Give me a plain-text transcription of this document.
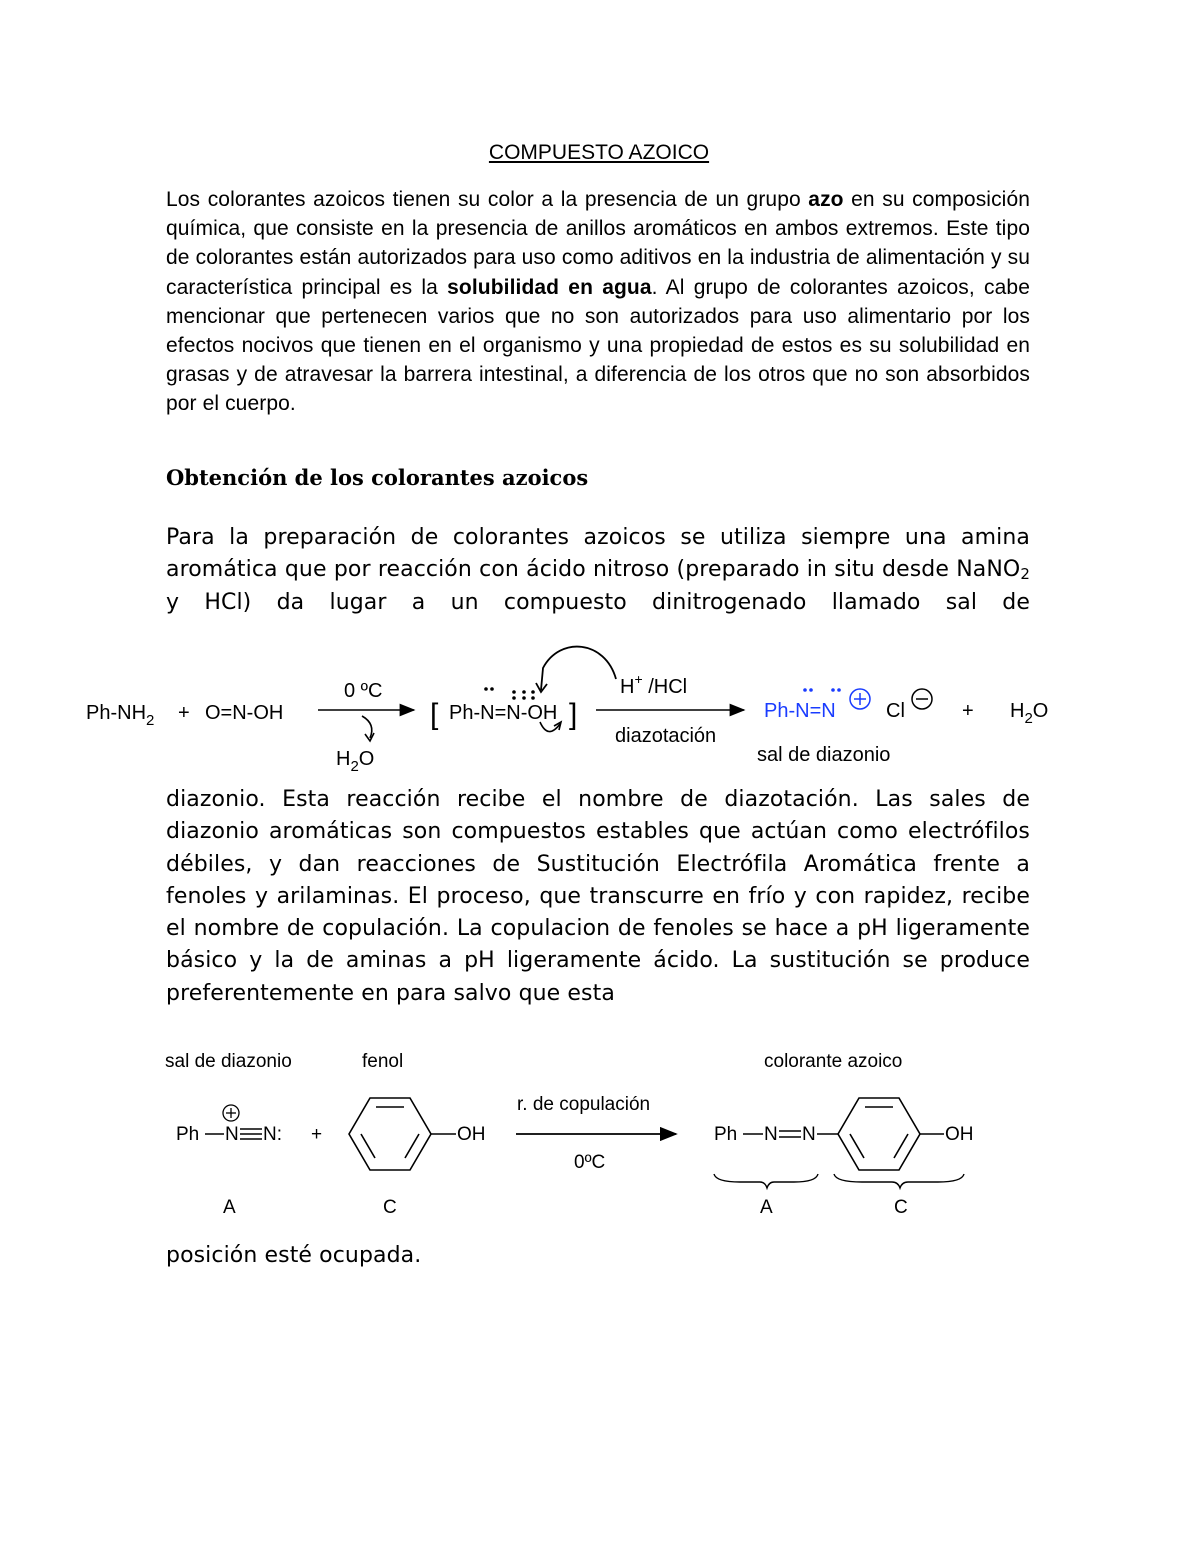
COMPUESTO AZOICO
Los colorantes azoicos tienen su color a la presencia de un grupo azo en su composición química, que consiste en la presencia de anillos aromáticos en ambos extremos. Este tipo de colorantes están autorizados para uso como aditivos en la industria de alimentación y su característica principal es la solubilidad en agua. Al grupo de colorantes azoicos, cabe mencionar que pertenecen varios que no son autorizados para uso alimentario por los efectos nocivos que tienen en el organismo y una propiedad de estos es su solubilidad en grasas y de atravesar la barrera intestinal, a diferencia de los otros que no son absorbidos por el cuerpo.
Obtención de los colorantes azoicos
Para la preparación de colorantes azoicos se utiliza siempre una amina aromática que por reacción con ácido nitroso (preparado in situ desde NaNO$_2$ y HCl) da lugar a un compuesto dinitrogenado llamado sal de
diazonio. Esta reacción recibe el nombre de diazotación. Las sales de diazonio aromáticas son compuestos estables que actúan como electrófilos débiles, y dan reacciones de Sustitución Electrófila Aromática frente a fenoles y arilaminas. El proceso, que transcurre en frío y con rapidez, recibe el nombre de copulación. La copulacion de fenoles se hace a pH ligeramente básico y la de aminas a pH ligeramente ácido. La sustitución se produce preferentemente en para salvo que esta
posición esté ocupada.
$Ph-NH_2 + O=N-OH$
0 ºC
$H_2O$
[ Ph-N=N-OH ]
H+ /HCl
diazotación
Ph-N=N	Cl	+ $H_2O$
sal de diazonio
sal de diazonio	fenol	colorante azoico
Ph N N: +	OH
r. de copulación
0ºC
Ph N N	OH
A	C	A	C
